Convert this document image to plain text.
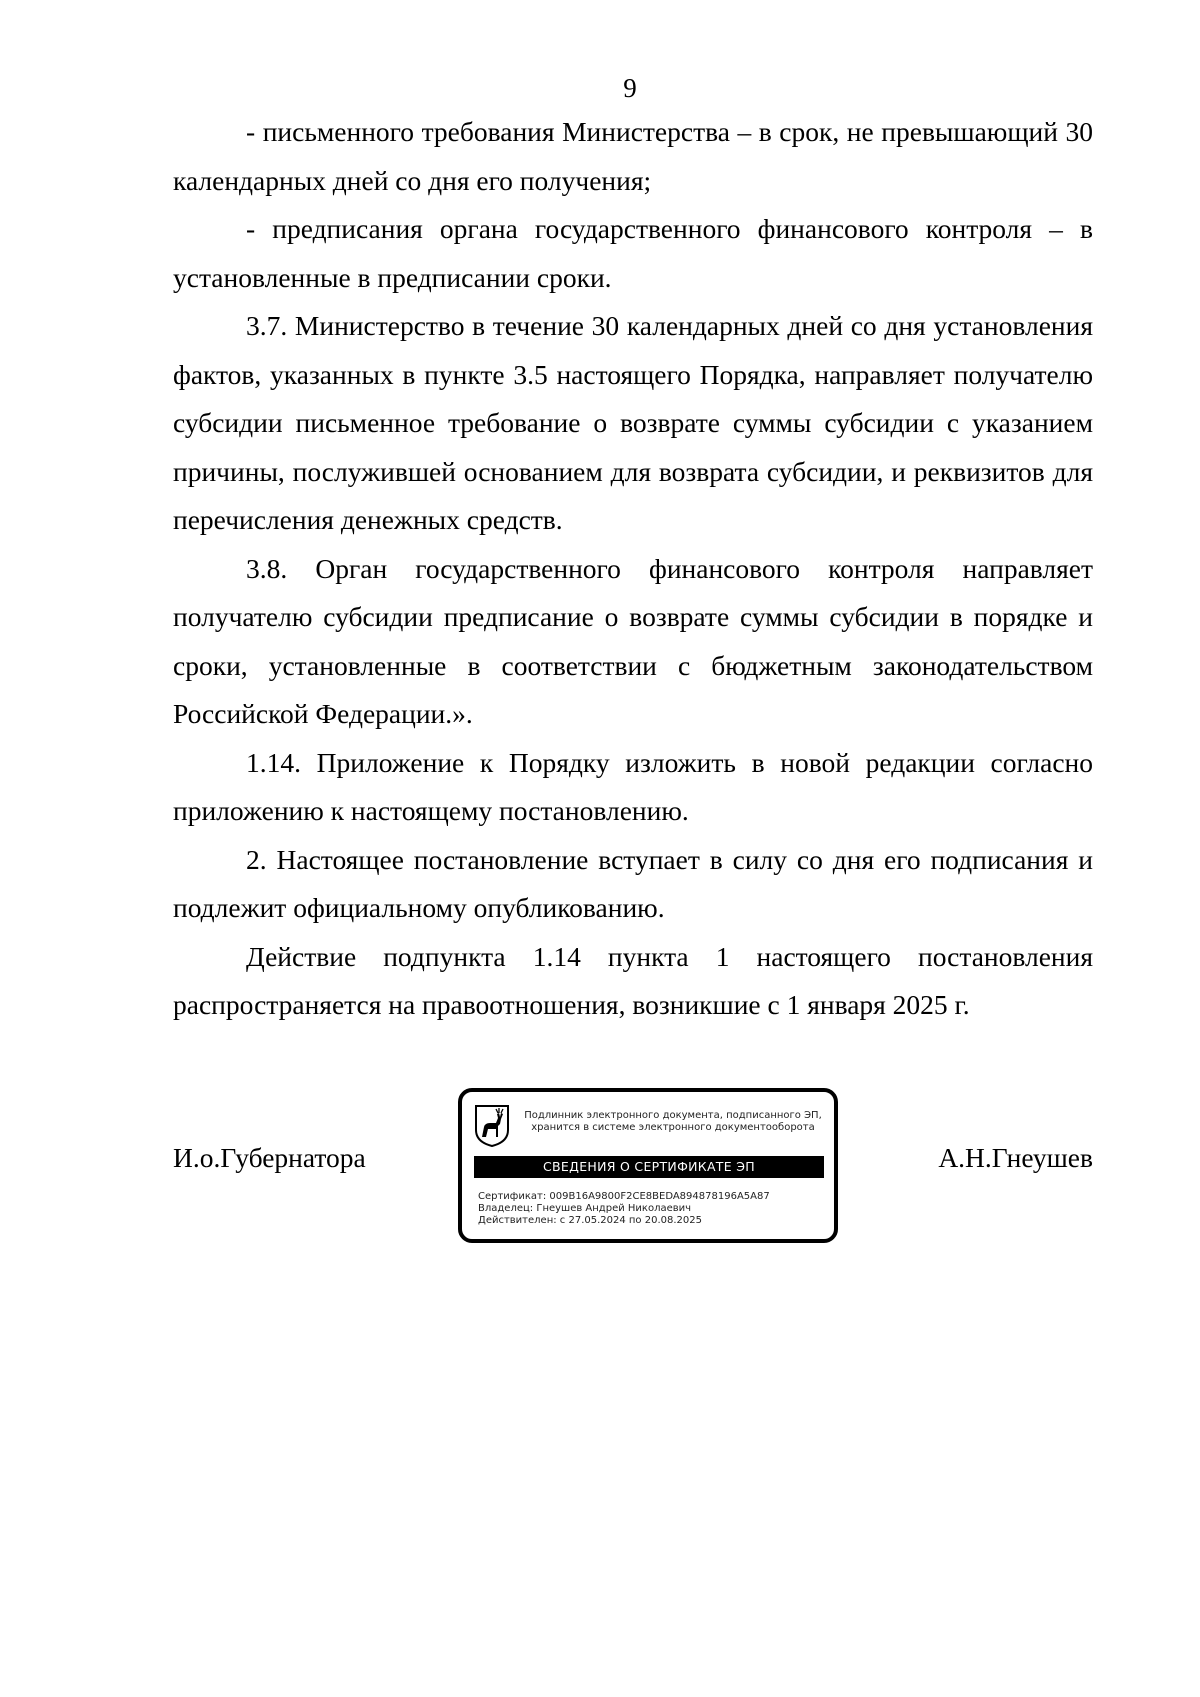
9

- письменного требования Министерства – в срок, не превышающий 30 календарных дней со дня его получения;

- предписания органа государственного финансового контроля – в установленные в предписании сроки.

3.7. Министерство в течение 30 календарных дней со дня установления фактов, указанных в пункте 3.5 настоящего Порядка, направляет получателю субсидии письменное требование о возврате суммы субсидии с указанием причины, послужившей основанием для возврата субсидии, и реквизитов для перечисления денежных средств.

3.8. Орган государственного финансового контроля направляет получателю субсидии предписание о возврате суммы субсидии в порядке и сроки, установленные в соответствии с бюджетным законодательством Российской Федерации.».

1.14. Приложение к Порядку изложить в новой редакции согласно приложению к настоящему постановлению.

2. Настоящее постановление вступает в силу со дня его подписания и подлежит официальному опубликованию.

Действие подпункта 1.14 пункта 1 настоящего постановления распространяется на правоотношения, возникшие с 1 января 2025 г.

И.о.Губернатора
Подлинник электронного документа, подписанного ЭП,
хранится в системе электронного документооборота
СВЕДЕНИЯ О СЕРТИФИКАТЕ ЭП
Сертификат: 009B16A9800F2CE8BEDA894878196A5A87
Владелец: Гнеушев Андрей Николаевич
Действителен: с 27.05.2024 по 20.08.2025
А.Н.Гнеушев
